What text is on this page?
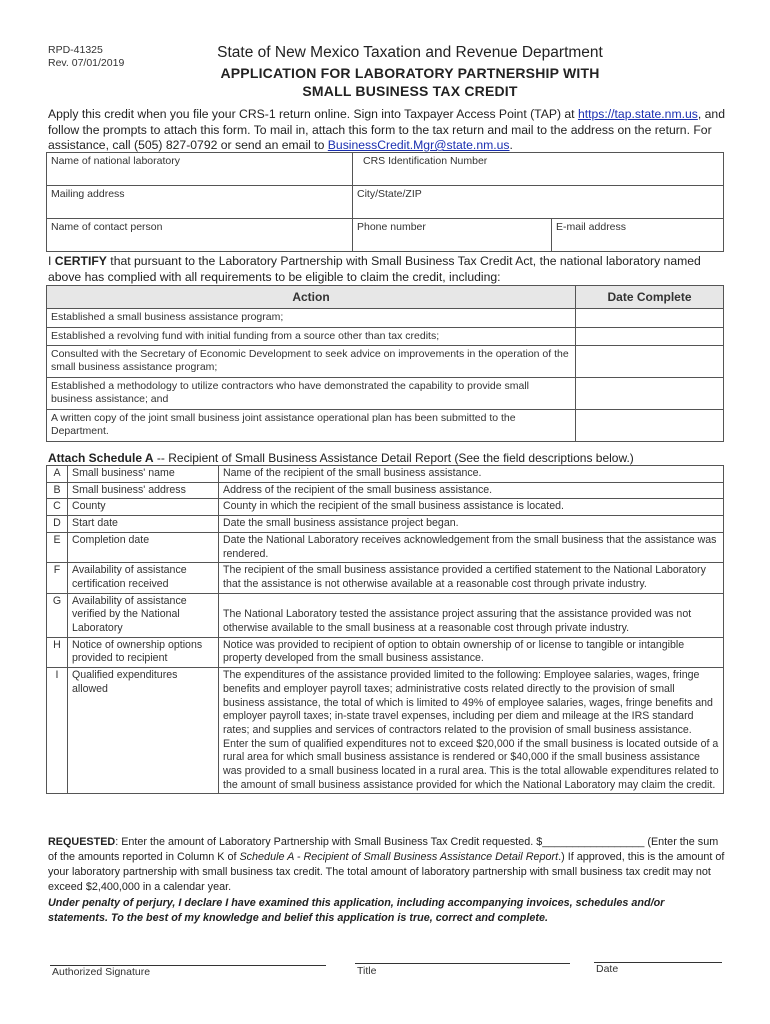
RPD-41325
Rev. 07/01/2019
State of New Mexico Taxation and Revenue Department
APPLICATION FOR LABORATORY PARTNERSHIP WITH
SMALL BUSINESS TAX CREDIT
Apply this credit when you file your CRS-1 return online. Sign into Taxpayer Access Point (TAP) at https://tap.state.nm.us, and follow the prompts to attach this form. To mail in, attach this form to the tax return and mail to the address on the return. For assistance, call (505) 827-0792 or send an email to BusinessCredit.Mgr@state.nm.us.
Name of national laboratory	CRS Identification Number	
Mailing address	City/State/ZIP	
Name of contact person	Phone number	E-mail address
I CERTIFY that pursuant to the Laboratory Partnership with Small Business Tax Credit Act, the national laboratory named above has complied with all requirements to be eligible to claim the credit, including:
Action	Date Complete
Established a small business assistance program;	
Established a revolving fund with initial funding from a source other than tax credits;	
Consulted with the Secretary of Economic Development to seek advice on improvements in the operation of the small business assistance program;	
Established a methodology to utilize contractors who have demonstrated the capability to provide small business assistance; and	
A written copy of the joint small business joint assistance operational plan has been submitted to the Department.	
Attach Schedule A -- Recipient of Small Business Assistance Detail Report (See the field descriptions below.)
A	Small business' name	Name of the recipient of the small business assistance.
B	Small business' address	Address of the recipient of the small business assistance.
C	County	County in which the recipient of the small business assistance is located.
D	Start date	Date the small business assistance project began.
E	Completion date	Date the National Laboratory receives acknowledgement from the small business that the assistance was rendered.
F	Availability of assistance certification received	The recipient of the small business assistance provided a certified statement to the National Laboratory that the assistance is not otherwise available at a reasonable cost through private industry.
G	Availability of assistance verified by the National Laboratory	The National Laboratory tested the assistance project assuring that the assistance provided was not otherwise available to the small business at a reasonable cost through private industry.
H	Notice of ownership options provided to recipient	Notice was provided to recipient of option to obtain ownership of or license to tangible or intangible property developed from the small business assistance.
I	Qualified expenditures allowed	The expenditures of the assistance provided limited to the following: Employee salaries, wages, fringe benefits and employer payroll taxes; administrative costs related directly to the provision of small business assistance, the total of which is limited to 49% of employee salaries, wages, fringe benefits and employer payroll taxes; in-state travel expenses, including per diem and mileage at the IRS standard rates; and supplies and services of contractors related to the provision of small business assistance. Enter the sum of qualified expenditures not to exceed $20,000 if the small business is located outside of a rural area for which small business assistance is rendered or $40,000 if the small business assistance was provided to a small business located in a rural area. This is the total allowable expenditures related to the amount of small business assistance provided for which the National Laboratory may claim the credit.
REQUESTED: Enter the amount of Laboratory Partnership with Small Business Tax Credit requested. $_________________ (Enter the sum of the amounts reported in Column K of Schedule A - Recipient of Small Business Assistance Detail Report.) If approved, this is the amount of your laboratory partnership with small business tax credit. The total amount of laboratory partnership with small business tax credit may not exceed $2,400,000 in a calendar year.
Under penalty of perjury, I declare I have examined this application, including accompanying invoices, schedules and/or statements. To the best of my knowledge and belief this application is true, correct and complete.
Authorized Signature	Title	Date
